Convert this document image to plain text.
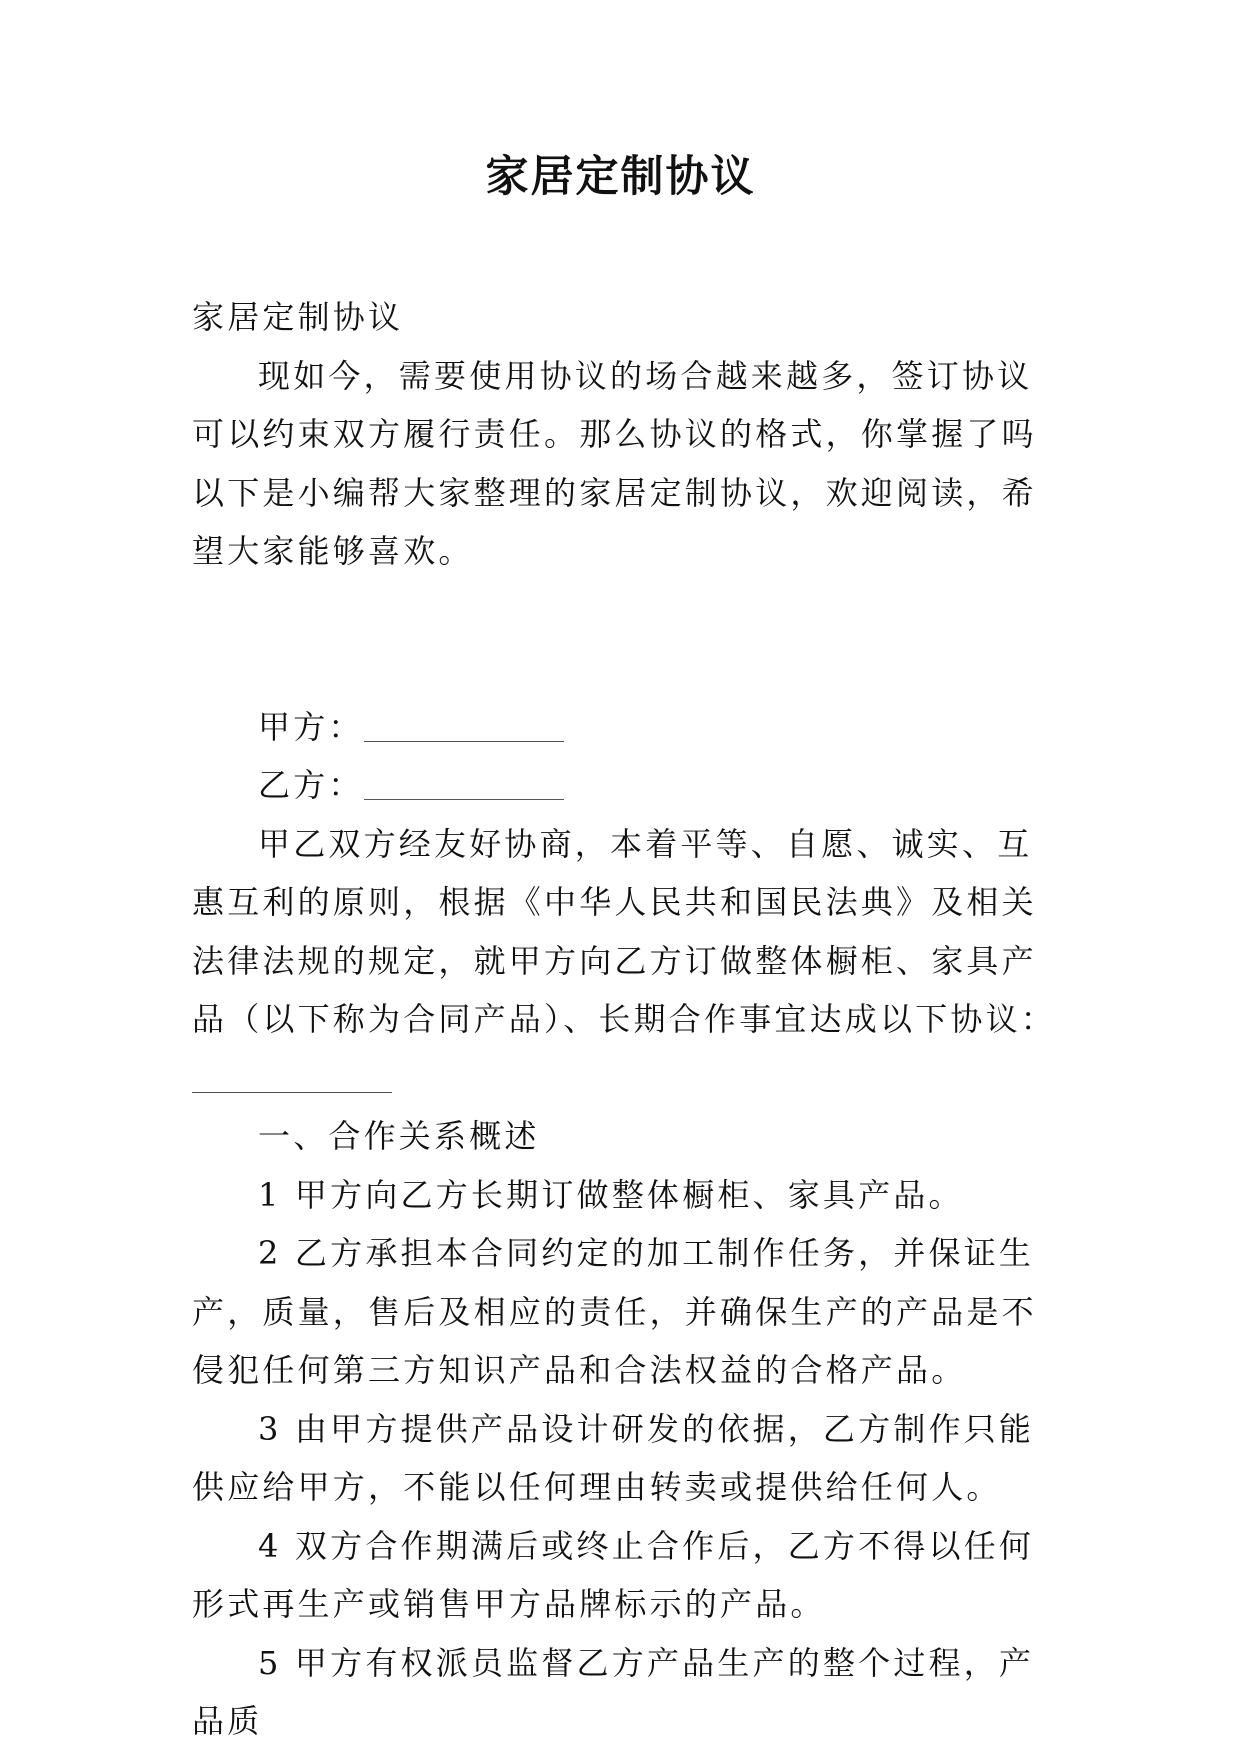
家居定制协议

家居定制协议

现如今，需要使用协议的场合越来越多，签订协议可以约束双方履行责任。那么协议的格式，你掌握了吗以下是小编帮大家整理的家居定制协议，欢迎阅读，希望大家能够喜欢。

甲方：

乙方：

甲乙双方经友好协商，本着平等、自愿、诚实、互惠互利的原则，根据《中华人民共和国民法典》及相关法律法规的规定，就甲方向乙方订做整体橱柜、家具产品（以下称为合同产品）、长期合作事宜达成以下协议：

一、合作关系概述

1 甲方向乙方长期订做整体橱柜、家具产品。

2 乙方承担本合同约定的加工制作任务，并保证生产，质量，售后及相应的责任，并确保生产的产品是不侵犯任何第三方知识产品和合法权益的合格产品。

3 由甲方提供产品设计研发的依据，乙方制作只能供应给甲方，不能以任何理由转卖或提供给任何人。

4 双方合作期满后或终止合作后，乙方不得以任何形式再生产或销售甲方品牌标示的产品。

5 甲方有权派员监督乙方产品生产的整个过程，产品质
